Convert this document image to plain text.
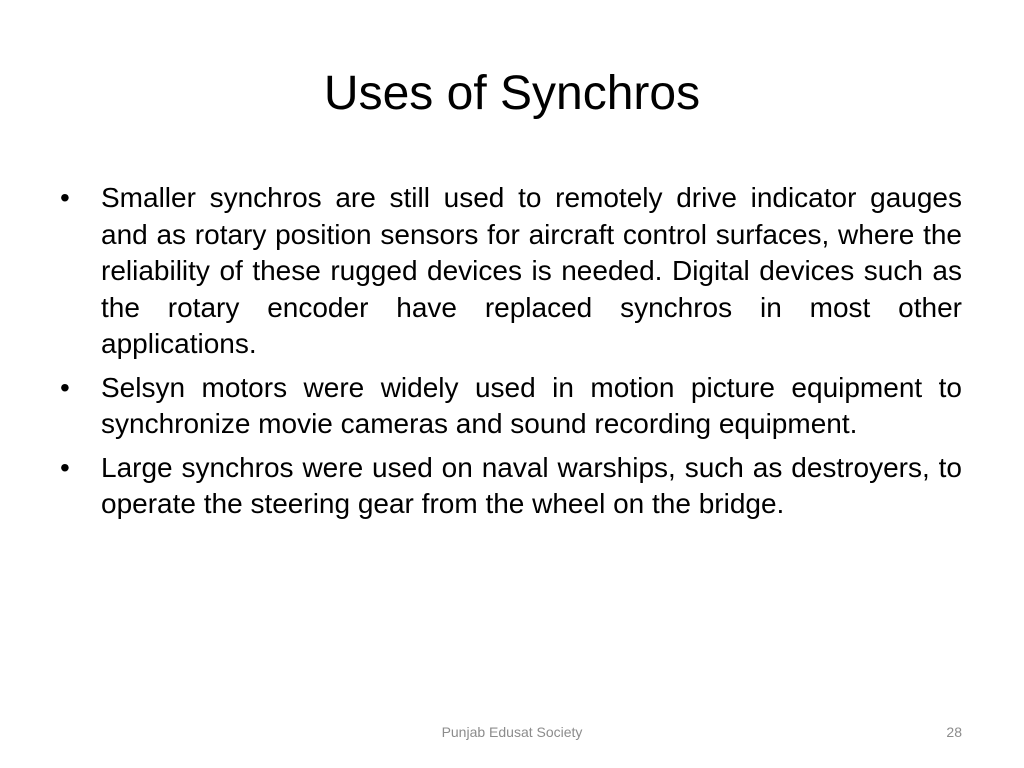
Uses of Synchros
• Smaller synchros are still used to remotely drive indicator gauges and as rotary position sensors for aircraft control surfaces, where the reliability of these rugged devices is needed. Digital devices such as the rotary encoder have replaced synchros in most other applications.
• Selsyn motors were widely used in motion picture equipment to synchronize movie cameras and sound recording equipment.
• Large synchros were used on naval warships, such as destroyers, to operate the steering gear from the wheel on the bridge.
Punjab Edusat Society	28
